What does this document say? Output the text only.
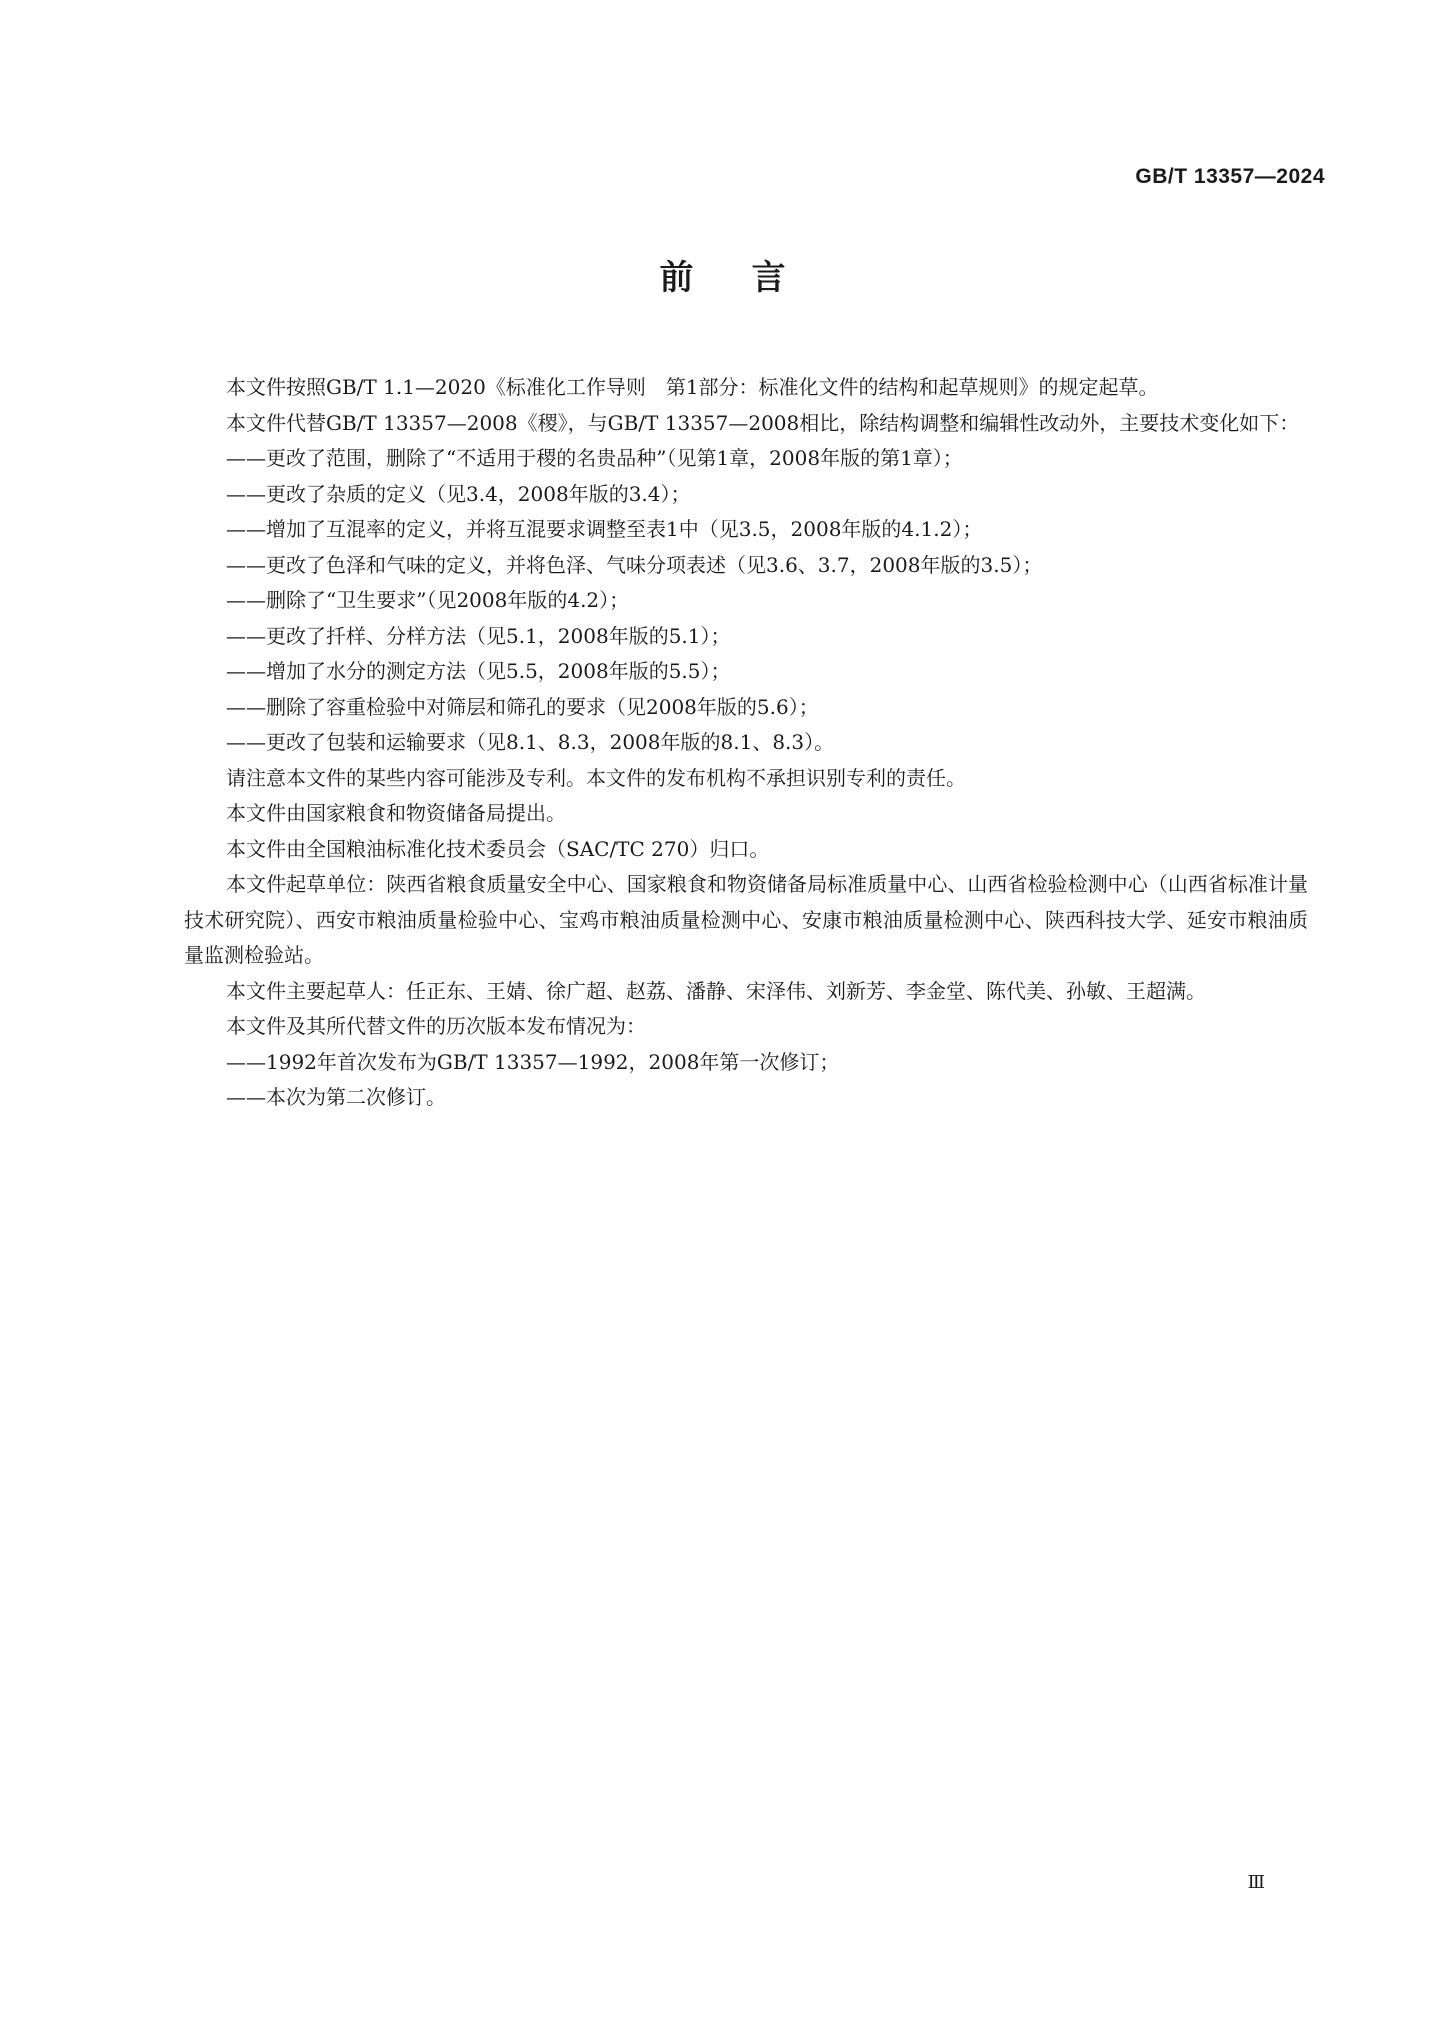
GB/T 13357—2024
前言

本文件按照GB/T 1.1—2020《标准化工作导则　第1部分：标准化文件的结构和起草规则》的规定起草。

本文件代替GB/T 13357—2008《稷》，与GB/T 13357—2008相比，除结构调整和编辑性改动外，主要技术变化如下：

——更改了范围，删除了“不适用于稷的名贵品种”（见第1章，2008年版的第1章）；

——更改了杂质的定义（见3.4，2008年版的3.4）；

——增加了互混率的定义，并将互混要求调整至表1中（见3.5，2008年版的4.1.2）；

——更改了色泽和气味的定义，并将色泽、气味分项表述（见3.6、3.7，2008年版的3.5）；

——删除了“卫生要求”（见2008年版的4.2）；

——更改了扦样、分样方法（见5.1，2008年版的5.1）；

——增加了水分的测定方法（见5.5，2008年版的5.5）；

——删除了容重检验中对筛层和筛孔的要求（见2008年版的5.6）；

——更改了包装和运输要求（见8.1、8.3，2008年版的8.1、8.3）。

请注意本文件的某些内容可能涉及专利。本文件的发布机构不承担识别专利的责任。

本文件由国家粮食和物资储备局提出。

本文件由全国粮油标准化技术委员会（SAC/TC 270）归口。

本文件起草单位：陕西省粮食质量安全中心、国家粮食和物资储备局标准质量中心、山西省检验检测中心（山西省标准计量技术研究院）、西安市粮油质量检验中心、宝鸡市粮油质量检测中心、安康市粮油质量检测中心、陕西科技大学、延安市粮油质量监测检验站。

本文件主要起草人：任正东、王婧、徐广超、赵荔、潘静、宋泽伟、刘新芳、李金堂、陈代美、孙敏、王超满。

本文件及其所代替文件的历次版本发布情况为：

——1992年首次发布为GB/T 13357—1992，2008年第一次修订；

——本次为第二次修订。

Ⅲ
